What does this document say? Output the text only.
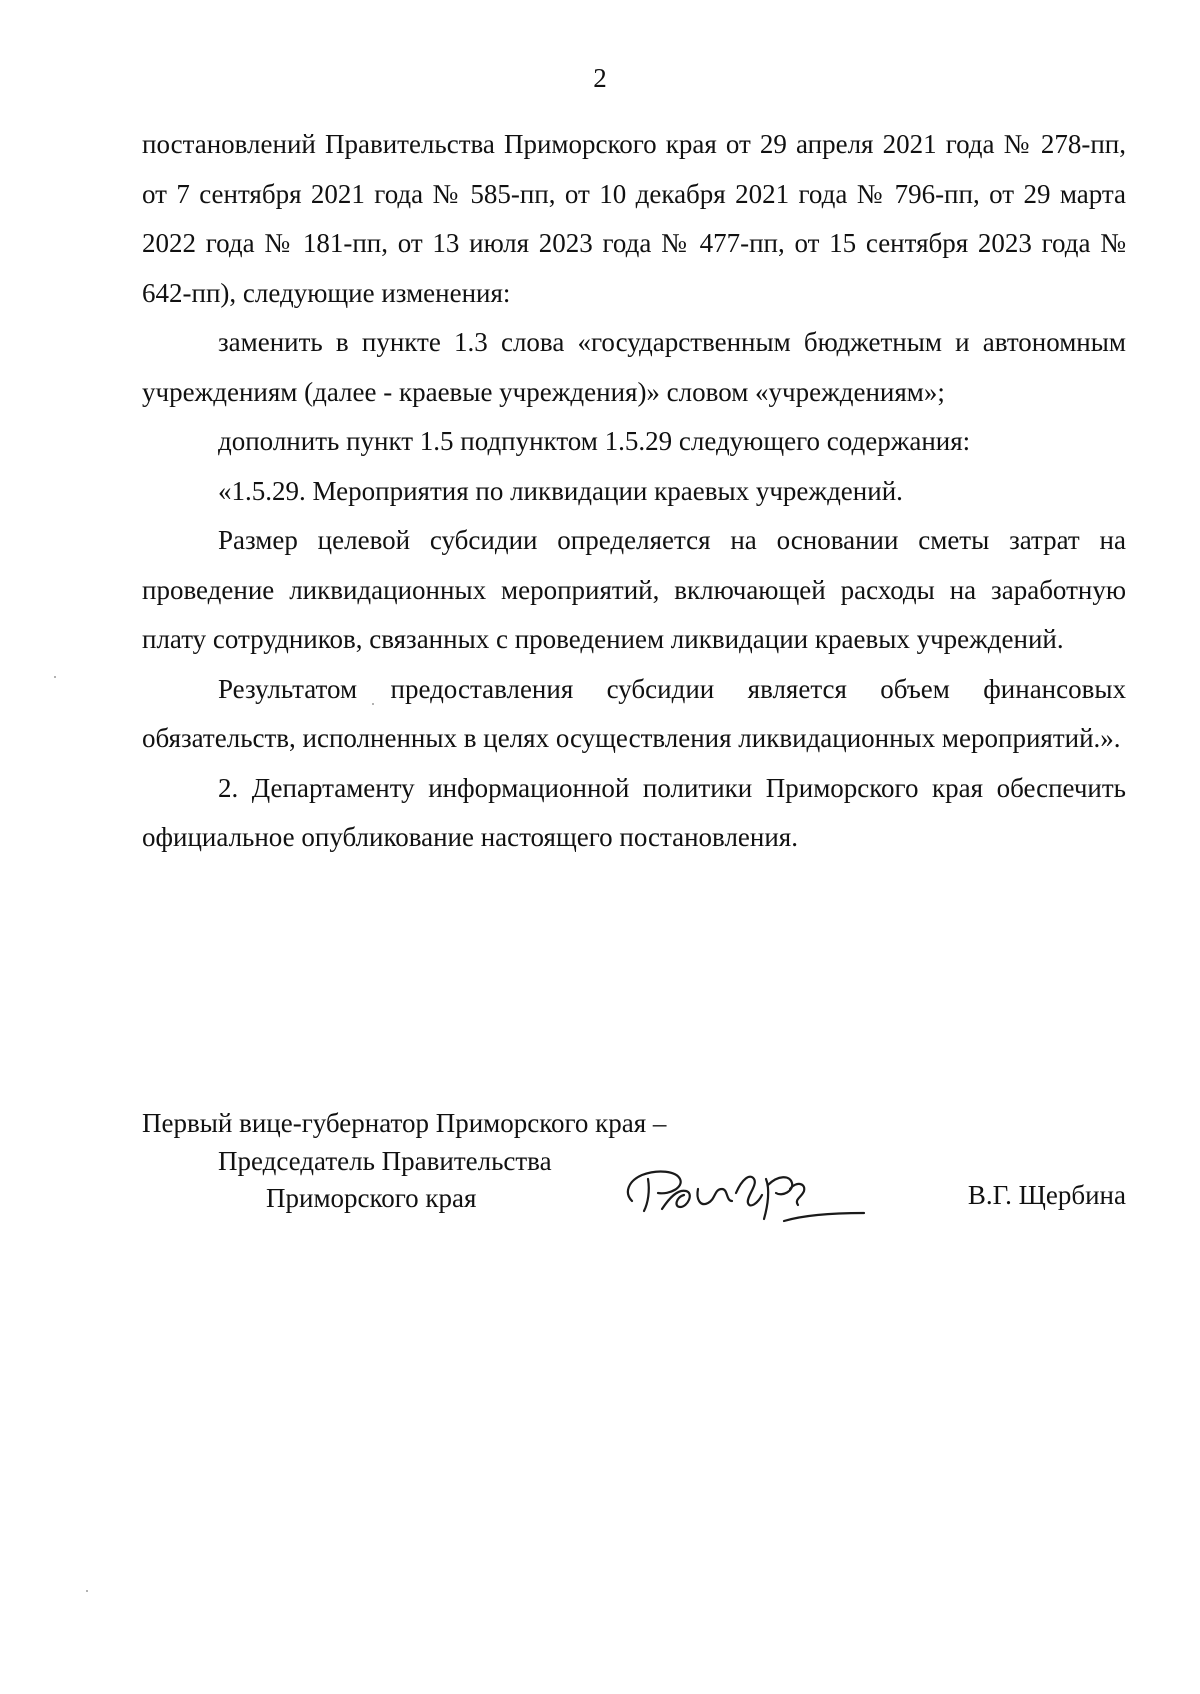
2

постановлений Правительства Приморского края от 29 апреля 2021 года № 278-пп, от 7 сентября 2021 года № 585-пп, от 10 декабря 2021 года № 796-пп, от 29 марта 2022 года № 181-пп, от 13 июля 2023 года № 477-пп, от 15 сентября 2023 года № 642-пп), следующие изменения:

заменить в пункте 1.3 слова «государственным бюджетным и автономным учреждениям (далее - краевые учреждения)» словом «учреждениям»;

дополнить пункт 1.5 подпунктом 1.5.29 следующего содержания:

«1.5.29. Мероприятия по ликвидации краевых учреждений.

Размер целевой субсидии определяется на основании сметы затрат на проведение ликвидационных мероприятий, включающей расходы на заработную плату сотрудников, связанных с проведением ликвидации краевых учреждений.

Результатом предоставления субсидии является объем финансовых обязательств, исполненных в целях осуществления ликвидационных мероприятий.».

2. Департаменту информационной политики Приморского края обеспечить официальное опубликование настоящего постановления.

Первый вице-губернатор Приморского края –
Председатель Правительства
Приморского края	В.Г. Щербина
